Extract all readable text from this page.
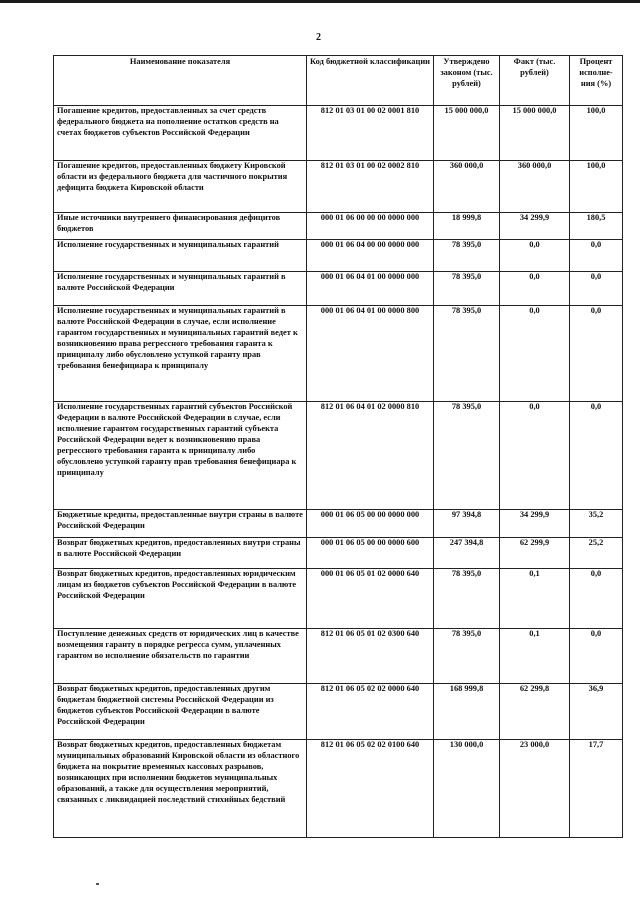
2
Наименование показателя	Код бюджетной классификации	Утверждено законом (тыс. рублей)	Факт (тыс. рублей)	Процент исполне-ния (%)
Погашение кредитов, предоставленных за счет средств федерального бюджета на пополнение остатков средств на счетах бюджетов субъектов Российской Федерации	812 01 03 01 00 02 0001 810	15 000 000,0	15 000 000,0	100,0
Погашение кредитов, предоставленных бюджету Кировской области из федерального бюджета для частичного покрытия дефицита бюджета Кировской области	812 01 03 01 00 02 0002 810	360 000,0	360 000,0	100,0
Иные источники внутреннего финансирования дефицитов бюджетов	000 01 06 00 00 00 0000 000	18 999,8	34 299,9	180,5
Исполнение государственных и муниципальных гарантий	000 01 06 04 00 00 0000 000	78 395,0	0,0	0,0
Исполнение государственных и муниципальных гарантий в валюте Российской Федерации	000 01 06 04 01 00 0000 000	78 395,0	0,0	0,0
Исполнение государственных и муниципальных гарантий в валюте Российской Федерации в случае, если исполнение гарантом государственных и муниципальных гарантий ведет к возникновению права регрессного требования гаранта к принципалу либо обусловлено уступкой гаранту прав требования бенефициара к принципалу	000 01 06 04 01 00 0000 800	78 395,0	0,0	0,0
Исполнение государственных гарантий субъектов Российской Федерации в валюте Российской Федерации в случае, если исполнение гарантом государственных гарантий субъекта Российской Федерации ведет к возникновению права регрессного требования гаранта к принципалу либо обусловлено уступкой гаранту прав требования бенефициара к принципалу	812 01 06 04 01 02 0000 810	78 395,0	0,0	0,0
Бюджетные кредиты, предоставленные внутри страны в валюте Российской Федерации	000 01 06 05 00 00 0000 000	97 394,8	34 299,9	35,2
Возврат бюджетных кредитов, предоставленных внутри страны в валюте Российской Федерации	000 01 06 05 00 00 0000 600	247 394,8	62 299,9	25,2
Возврат бюджетных кредитов, предоставленных юридическим лицам из бюджетов субъектов Российской Федерации в валюте Российской Федерации	000 01 06 05 01 02 0000 640	78 395,0	0,1	0,0
Поступление денежных средств от юридических лиц в качестве возмещения гаранту в порядке регресса сумм, уплаченных гарантом во исполнение обязательств по гарантии	812 01 06 05 01 02 0300 640	78 395,0	0,1	0,0
Возврат бюджетных кредитов, предоставленных другим бюджетам бюджетной системы Российской Федерации из бюджетов субъектов Российской Федерации в валюте Российской Федерации	812 01 06 05 02 02 0000 640	168 999,8	62 299,8	36,9
Возврат бюджетных кредитов, предоставленных бюджетам муниципальных образований Кировской области из областного бюджета на покрытие временных кассовых разрывов, возникающих при исполнении бюджетов муниципальных образований, а также для осуществления мероприятий, связанных с ликвидацией последствий стихийных бедствий	812 01 06 05 02 02 0100 640	130 000,0	23 000,0	17,7
